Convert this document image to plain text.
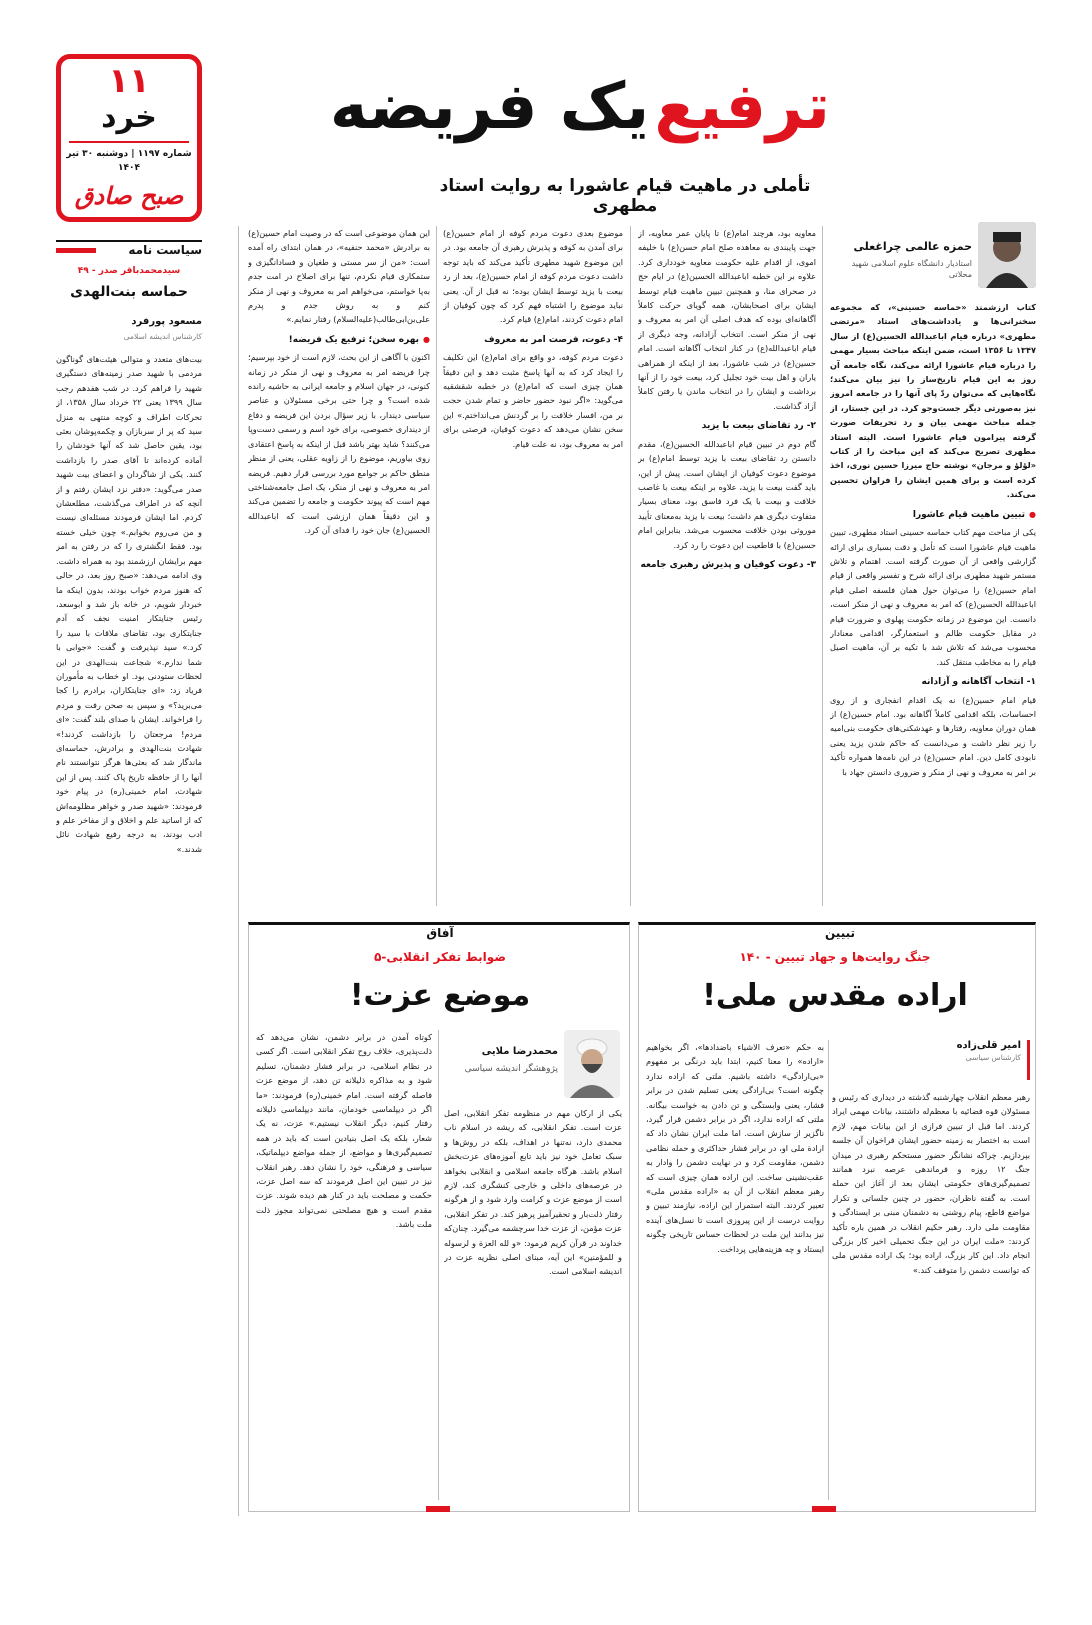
۱۱
خرد
شماره ۱۱۹۷ | دوشنبه ۳۰ تیر ۱۴۰۴
صبح صادق
ترفیع یک فریضه
تأملی در ماهیت قیام عاشورا به روایت استاد مطهری
حمزه عالمی چراغعلی
استادیار دانشگاه علوم اسلامی شهید محلاتی

کتاب ارزشمند «حماسه حسینی»، که مجموعه سخنرانی‌ها و یادداشت‌های استاد «مرتضی مطهری» درباره قیام اباعبدالله الحسین(ع) از سال ۱۳۴۷ تا ۱۳۵۶ است، ضمن اینکه مباحث بسیار مهمی را درباره قیام عاشورا ارائه می‌کند، نگاه جامعه آن روز به این قیام تاریخ‌ساز را نیز بیان می‌کند؛ نگاه‌هایی که می‌توان ردّ پای آنها را در جامعه امروز نیز به‌صورتی دیگر جست‌وجو کرد. در این جستار، از جمله مباحث مهمی بیان و رد تحریفات صورت گرفته پیرامون قیام عاشورا است. البته استاد مطهری تصریح می‌کند که این مباحث را از کتاب «لؤلؤ و مرجان» نوشته حاج میرزا حسین نوری، اخذ کرده است و برای همین ایشان را فراوان تحسین می‌کند.

● تبیین ماهیت قیام عاشورا

یکی از مباحث مهم کتاب حماسه حسینی استاد مطهری، تبیین ماهیت قیام عاشورا است که تأمل و دقت بسیاری برای ارائه گزارشی واقعی از آن صورت گرفته است. اهتمام و تلاش مستمر شهید مطهری برای ارائه شرح و تفسیر واقعی از قیام امام حسین(ع) را می‌توان حول همان فلسفه اصلی قیام اباعبدالله الحسین(ع) که امر به معروف و نهی از منکر است، دانست. این موضوع در زمانه حکومت پهلوی و ضرورت قیام در مقابل حکومت ظالم و استعمارگر، اقدامی معنادار محسوب می‌شد که تلاش شد با تکیه بر آن، ماهیت اصیل قیام را به مخاطب منتقل کند.

۱- انتخاب آگاهانه و آزادانه

قیام امام حسین(ع) نه یک اقدام انفجاری و از روی احساسات، بلکه اقدامی کاملاً آگاهانه بود. امام حسین(ع) از همان دوران معاویه، رفتارها و عهدشکنی‌های حکومت بنی‌امیه را زیر نظر داشت و می‌دانست که حاکم شدن یزید یعنی نابودی کامل دین. امام حسین(ع) در این نامه‌ها همواره تأکید بر امر به معروف و نهی از منکر و ضروری دانستن جهاد با

معاویه بود، هرچند امام(ع) تا پایان عمر معاویه، از جهت پایبندی به معاهده صلح امام حسن(ع) با خلیفه اموی، از اقدام علیه حکومت معاویه خودداری کرد. علاوه بر این خطبه اباعبدالله الحسین(ع) در ایام حج در صحرای منا، و همچنین تبیین ماهیت قیام توسط ایشان برای اصحابشان، همه گویای حرکت کاملاً آگاهانه‌ای بوده که هدف اصلی آن امر به معروف و نهی از منکر است. انتخاب آزادانه، وجه دیگری از قیام اباعبدالله(ع) در کنار انتخاب آگاهانه است. امام حسین(ع) در شب عاشورا، بعد از اینکه از همراهی یاران و اهل بیت خود تجلیل کرد، بیعت خود را از آنها برداشت و ایشان را در انتخاب ماندن یا رفتن کاملاً آزاد گذاشت.

۲- رد تقاضای بیعت با یزید

گام دوم در تبیین قیام اباعبدالله الحسین(ع)، مقدم دانستن رد تقاضای بیعت با یزید توسط امام(ع) بر موضوع دعوت کوفیان از ایشان است. پیش از این، باید گفت بیعت با یزید، علاوه بر اینکه بیعت با غاصب خلافت و بیعت با یک فرد فاسق بود، معنای بسیار متفاوت دیگری هم داشت؛ بیعت با یزید به‌معنای تأیید موروثی بودن خلافت محسوب می‌شد. بنابراین امام حسین(ع) با قاطعیت این دعوت را رد کرد.

۳- دعوت کوفیان و پذیرش رهبری جامعه

موضوع بعدی دعوت مردم کوفه از امام حسین(ع) برای آمدن به کوفه و پذیرش رهبری آن جامعه بود. در این موضوع شهید مطهری تأکید می‌کند که باید توجه داشت دعوت مردم کوفه از امام حسین(ع)، بعد از رد بیعت با یزید توسط ایشان بوده؛ نه قبل از آن. یعنی نباید موضوع را اشتباه فهم کرد که چون کوفیان از امام دعوت کردند، امام(ع) قیام کرد.

۴- دعوت، فرصت امر به معروف

دعوت مردم کوفه، دو واقع برای امام(ع) این تکلیف را ایجاد کرد که به آنها پاسخ مثبت دهد و این دقیقاً همان چیزی است که امام(ع) در خطبه شقشقیه می‌گوید: «اگر نبود حضور حاضر و تمام شدن حجت بر من، افسار خلافت را بر گردنش می‌انداختم.» این سخن نشان می‌دهد که دعوت کوفیان، فرصتی برای امر به معروف بود، نه علت قیام.

این همان موضوعی است که در وصیت امام حسین(ع) به برادرش «محمد حنفیه»، در همان ابتدای راه آمده است: «من از سر مستی و طغیان و فسادانگیزی و ستمکاری قیام نکردم، تنها برای اصلاح در امت جدم به‌پا خواستم، می‌خواهم امر به معروف و نهی از منکر کنم و به روش جدم و پدرم علی‌بن‌ابی‌طالب(علیه‌السلام) رفتار نمایم.»

● بهره سخن؛ ترفیع یک فریضه!

اکنون با آگاهی از این بحث، لازم است از خود بپرسیم؛ چرا فریضه امر به معروف و نهی از منکر در زمانه کنونی، در جهان اسلام و جامعه ایرانی به حاشیه رانده شده است؟ و چرا حتی برخی مسئولان و عناصر سیاسی دیندار، با زیر سؤال بردن این فریضه و دفاع از دینداری خصوصی، برای خود اسم و رسمی دست‌وپا می‌کنند؟ شاید بهتر باشد قبل از اینکه به پاسخ اعتقادی روی بیاوریم، موضوع را از زاویه عقلی، یعنی از منظر منطق حاکم بر جوامع مورد بررسی قرار دهیم. فریضه امر به معروف و نهی از منکر، یک اصل جامعه‌شناختی مهم است که پیوند حکومت و جامعه را تضمین می‌کند و این دقیقاً همان ارزشی است که اباعبدالله الحسین(ع) جان خود را فدای آن کرد.

سیاست نامه
سیدمحمدباقر صدر - ۴۹
حماسه بنت‌الهدی
مسعود پورفرد
کارشناس اندیشه اسلامی
بیت‌های متعدد و متوالی هیئت‌های گوناگون مردمی با شهید صدر زمینه‌های دستگیری شهید را فراهم کرد. در شب هفدهم رجب سال ۱۳۹۹ یعنی ۲۲ خرداد سال ۱۳۵۸، از تحرکات اطراف و کوچه منتهی به منزل سید که پر از سربازان و چکمه‌پوشان بعثی بود، یقین حاصل شد که آنها خودشان را آماده کرده‌اند تا آقای صدر را بازداشت کنند. یکی از شاگردان و اعضای بیت شهید صدر می‌گوید: «دفتر نزد ایشان رفتم و از آنچه که در اطراف می‌گذشت، مطلعشان کردم. اما ایشان فرمودند مسئله‌ای نیست و من می‌روم بخوابم.» چون خیلی خسته بود. فقط انگشتری را که در رفتن به امر مهم برایشان ارزشمند بود به همراه داشت. وی ادامه می‌دهد: «صبح روز بعد، در حالی که هنوز مردم خواب بودند، بدون اینکه ما خبردار شویم، در خانه باز شد و ابوسعد، رئیس جنایتکار امنیت نجف که آدم جنایتکاری بود، تقاضای ملاقات با سید را کرد.» سید نپذیرفت و گفت: «جوابی با شما ندارم.» شجاعت بنت‌الهدی در این لحظات ستودنی بود. او خطاب به مأموران فریاد زد: «ای جنایتکاران، برادرم را کجا می‌برید؟» و سپس به صحن رفت و مردم را فراخواند. ایشان با صدای بلند گفت: «ای مردم! مرجعتان را بازداشت کردند!» شهادت بنت‌الهدی و برادرش، حماسه‌ای ماندگار شد که بعثی‌ها هرگز نتوانستند نام آنها را از حافظه تاریخ پاک کنند. پس از این شهادت، امام خمینی(ره) در پیام خود فرمودند: «شهید صدر و خواهر مظلومه‌اش که از اساتید علم و اخلاق و از مفاخر علم و ادب بودند، به درجه رفیع شهادت نائل شدند.»
تبیین
جنگ روایت‌ها و جهاد تبیین - ۱۴۰
اراده مقدس ملی!
امیر قلی‌زاده
کارشناس سیاسی
رهبر معظم انقلاب چهارشنبه گذشته در دیداری که رئیس و مسئولان قوه قضائیه با معظم‌له داشتند، بیانات مهمی ایراد کردند. اما قبل از تبیین فرازی از این بیانات مهم، لازم است به اختصار به زمینه حضور ایشان فراخوان آن جلسه بپردازیم. چراکه نشانگر حضور مستحکم رهبری در میدان جنگ ۱۲ روزه و فرماندهی عرصه نبرد همانند تصمیم‌گیری‌های حکومتی ایشان بعد از آغاز این حمله است. به گفته ناظران، حضور در چنین جلساتی و تکرار مواضع قاطع، پیام روشنی به دشمنان مبنی بر ایستادگی و مقاومت ملی دارد. رهبر حکیم انقلاب در همین باره تأکید کردند: «ملت ایران در این جنگ تحمیلی اخیر کار بزرگی انجام داد. این کار بزرگ، اراده بود؛ یک اراده مقدس ملی که توانست دشمن را متوقف کند.»
به حکم «تعرف الاشیاء باضدادها»، اگر بخواهیم «اراده» را معنا کنیم، ابتدا باید درنگی بر مفهوم «بی‌ارادگی» داشته باشیم. ملتی که اراده ندارد چگونه است؟ بی‌ارادگی یعنی تسلیم شدن در برابر فشار، یعنی وابستگی و تن دادن به خواست بیگانه. ملتی که اراده ندارد، اگر در برابر دشمن قرار گیرد، ناگزیر از سازش است. اما ملت ایران نشان داد که ارادة ملی او، در برابر فشار حداکثری و حمله نظامی دشمن، مقاومت کرد و در نهایت دشمن را وادار به عقب‌نشینی ساخت. این اراده همان چیزی است که رهبر معظم انقلاب از آن به «اراده مقدس ملی» تعبیر کردند. البته استمرار این اراده، نیازمند تبیین و روایت درست از این پیروزی است تا نسل‌های آینده نیز بدانند این ملت در لحظات حساس تاریخی چگونه ایستاد و چه هزینه‌هایی پرداخت.
آفاق
ضوابط تفکر انقلابی-۵
موضع عزت!
محمدرضا ملایی
پژوهشگر اندیشه سیاسی
یکی از ارکان مهم در منظومه تفکر انقلابی، اصل عزت است. تفکر انقلابی، که ریشه در اسلام ناب محمدی دارد، نه‌تنها در اهداف، بلکه در روش‌ها و سبک تعامل خود نیز باید تابع آموزه‌های عزت‌بخش اسلام باشد. هرگاه جامعه اسلامی و انقلابی بخواهد در عرصه‌های داخلی و خارجی کنشگری کند، لازم است از موضع عزت و کرامت وارد شود و از هرگونه رفتار ذلت‌بار و تحقیرآمیز پرهیز کند. در تفکر انقلابی، عزت مؤمن، از عزت خدا سرچشمه می‌گیرد. چنان‌که خداوند در قرآن کریم فرمود: «و لله العزة و لرسوله و للمؤمنین» این آیه، مبنای اصلی نظریه عزت در اندیشه اسلامی است.
کوتاه آمدن در برابر دشمن، نشان می‌دهد که ذلت‌پذیری، خلاف روح تفکر انقلابی است. اگر کسی در نظام اسلامی، در برابر فشار دشمنان، تسلیم شود و به مذاکره ذلیلانه تن دهد، از موضع عزت فاصله گرفته است. امام خمینی(ره) فرمودند: «ما اگر در دیپلماسی خودمان، مانند دیپلماسی ذلیلانه رفتار کنیم، دیگر انقلاب نیستیم.» عزت، نه یک شعار، بلکه یک اصل بنیادین است که باید در همه تصمیم‌گیری‌ها و مواضع، از جمله مواضع دیپلماتیک، سیاسی و فرهنگی، خود را نشان دهد. رهبر انقلاب نیز در تبیین این اصل فرمودند که سه اصل عزت، حکمت و مصلحت باید در کنار هم دیده شوند. عزت مقدم است و هیچ مصلحتی نمی‌تواند مجوز ذلت ملت باشد.
